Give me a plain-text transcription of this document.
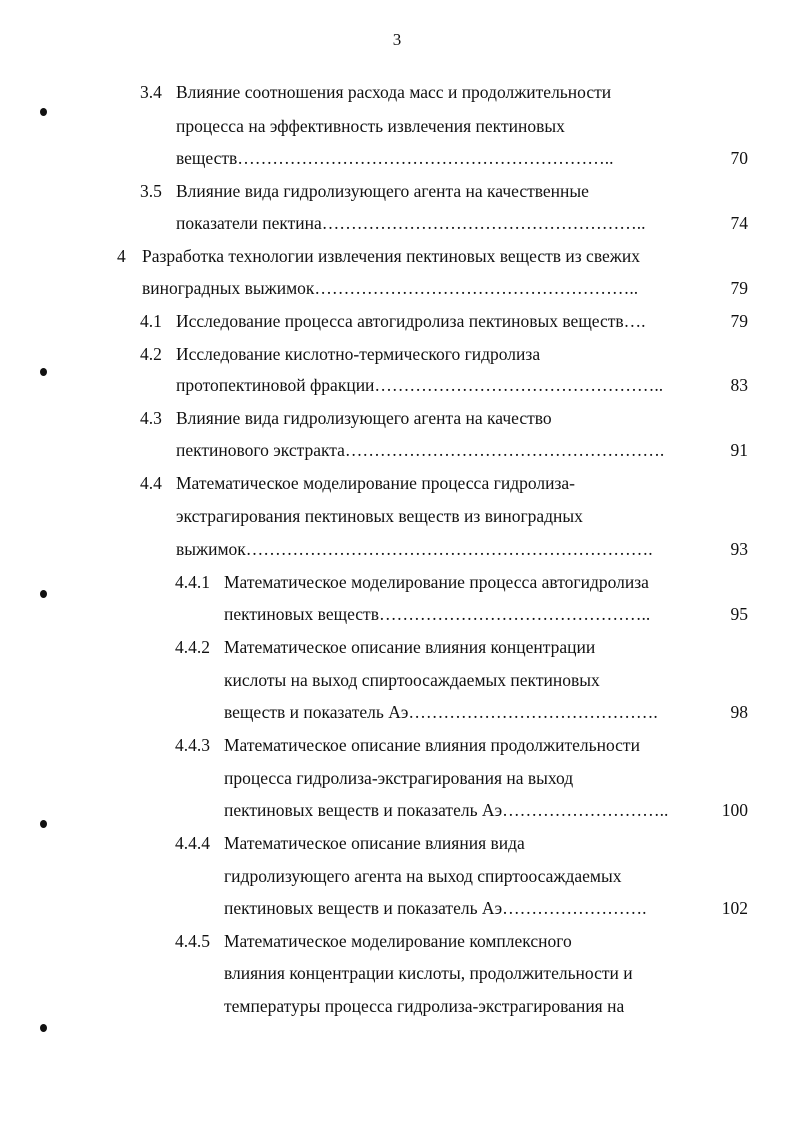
3
3.4 Влияние соотношения расхода масс и продолжительности
процесса на эффективность извлечения пектиновых
веществ………………………………………………………..	70
3.5 Влияние вида гидролизующего агента на качественные
показатели пектина………………………………………………..	74
4 Разработка технологии извлечения пектиновых веществ из свежих
виноградных выжимок………………………………………………..	79
4.1 Исследование процесса автогидролиза пектиновых веществ….	79
4.2 Исследование кислотно-термического гидролиза
протопектиновой фракции…………………………………………..	83
4.3 Влияние вида гидролизующего агента на качество
пектинового экстракта……………………………………………….	91
4.4 Математическое моделирование процесса гидролиза-
экстрагирования пектиновых веществ из виноградных
выжимок…………………………………………………………….	93
4.4.1 Математическое моделирование процесса автогидролиза
пектиновых веществ………………………………………..	95
4.4.2 Математическое описание влияния концентрации
кислоты на выход спиртоосаждаемых пектиновых
веществ и показатель Аэ…………………………………….	98
4.4.3 Математическое описание влияния продолжительности
процесса гидролиза-экстрагирования на выход
пектиновых веществ и показатель Аэ………………………..	100
4.4.4 Математическое описание влияния вида
гидролизующего агента на выход спиртоосаждаемых
пектиновых веществ и показатель Аэ…………………….	102
4.4.5 Математическое моделирование комплексного
влияния концентрации кислоты, продолжительности и
температуры процесса гидролиза-экстрагирования на
